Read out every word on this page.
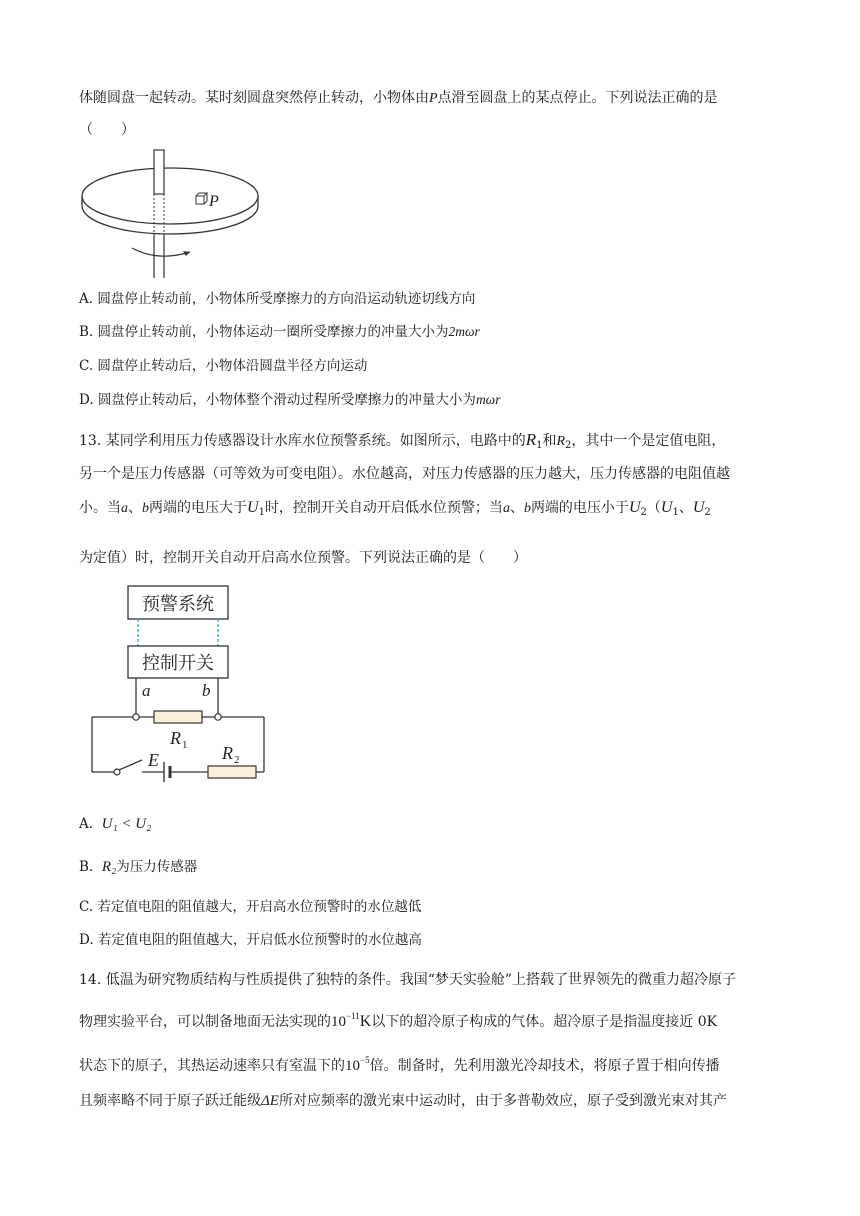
体随圆盘一起转动。某时刻圆盘突然停止转动，小物体由P点滑至圆盘上的某点停止。下列说法正确的是
（　　）
P
A. 圆盘停止转动前，小物体所受摩擦力的方向沿运动轨迹切线方向
B. 圆盘停止转动前，小物体运动一圈所受摩擦力的冲量大小为2mωr
C. 圆盘停止转动后，小物体沿圆盘半径方向运动
D. 圆盘停止转动后，小物体整个滑动过程所受摩擦力的冲量大小为mωr
13. 某同学利用压力传感器设计水库水位预警系统。如图所示，电路中的$R_1$和$R_2$，其中一个是定值电阻，
另一个是压力传感器（可等效为可变电阻）。水位越高，对压力传感器的压力越大，压力传感器的电阻值越
小。当a、b两端的电压大于$U_1$时，控制开关自动开启低水位预警；当a、b两端的电压小于$U_2(U_1$、$U_2$
为定值）时，控制开关自动开启高水位预警。下列说法正确的是（　　）
预警系统
控制开关
a	b
R 1
E	R 2
A. U₁ < U₂
B. R₂为压力传感器
C. 若定值电阻的阻值越大，开启高水位预警时的水位越低
D. 若定值电阻的阻值越大，开启低水位预警时的水位越高
14. 低温为研究物质结构与性质提供了独特的条件。我国“梦天实验舱”上搭载了世界领先的微重力超冷原子
物理实验平台，可以制备地面无法实现的$10^{-11}K$以下的超冷原子构成的气体。超冷原子是指温度接近 0K
状态下的原子，其热运动速率只有室温下的$10^{-5}$倍。制备时，先利用激光冷却技术，将原子置于相向传播
且频率略不同于原子跃迁能级ΔE所对应频率的激光束中运动时，由于多普勒效应，原子受到激光束对其产
